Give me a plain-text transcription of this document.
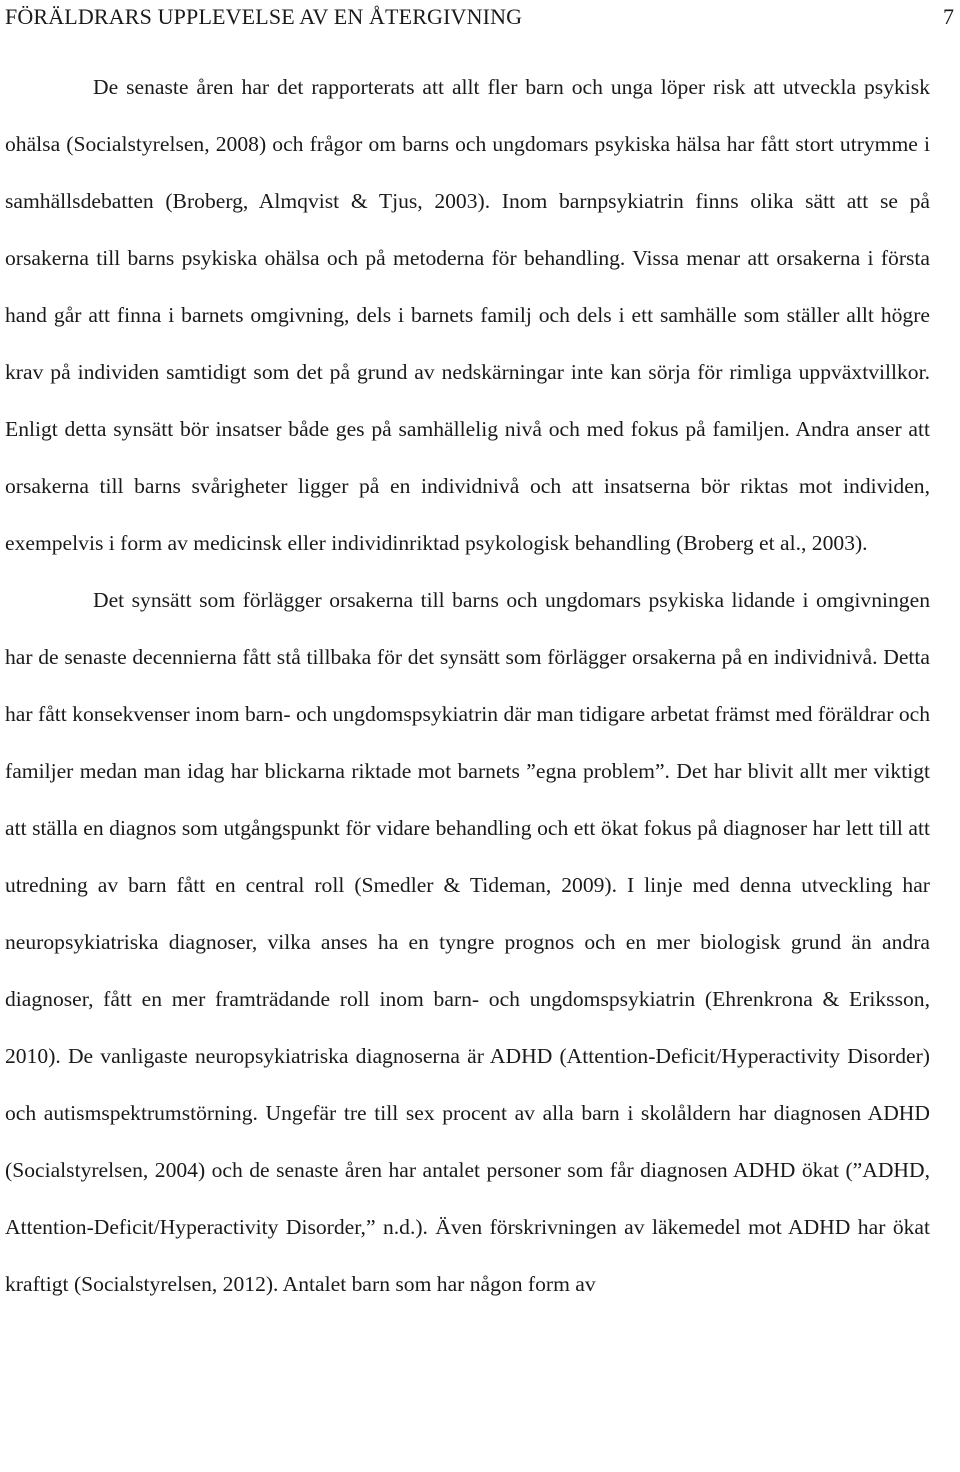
FÖRÄLDRARS UPPLEVELSE AV EN ÅTERGIVNING	7

De senaste åren har det rapporterats att allt fler barn och unga löper risk att utveckla psykisk ohälsa (Socialstyrelsen, 2008) och frågor om barns och ungdomars psykiska hälsa har fått stort utrymme i samhällsdebatten (Broberg, Almqvist & Tjus, 2003). Inom barnpsykiatrin finns olika sätt att se på orsakerna till barns psykiska ohälsa och på metoderna för behandling. Vissa menar att orsakerna i första hand går att finna i barnets omgivning, dels i barnets familj och dels i ett samhälle som ställer allt högre krav på individen samtidigt som det på grund av nedskärningar inte kan sörja för rimliga uppväxtvillkor. Enligt detta synsätt bör insatser både ges på samhällelig nivå och med fokus på familjen. Andra anser att orsakerna till barns svårigheter ligger på en individnivå och att insatserna bör riktas mot individen, exempelvis i form av medicinsk eller individinriktad psykologisk behandling (Broberg et al., 2003).

Det synsätt som förlägger orsakerna till barns och ungdomars psykiska lidande i omgivningen har de senaste decennierna fått stå tillbaka för det synsätt som förlägger orsakerna på en individnivå. Detta har fått konsekvenser inom barn- och ungdomspsykiatrin där man tidigare arbetat främst med föräldrar och familjer medan man idag har blickarna riktade mot barnets ”egna problem”. Det har blivit allt mer viktigt att ställa en diagnos som utgångspunkt för vidare behandling och ett ökat fokus på diagnoser har lett till att utredning av barn fått en central roll (Smedler & Tideman, 2009). I linje med denna utveckling har neuropsykiatriska diagnoser, vilka anses ha en tyngre prognos och en mer biologisk grund än andra diagnoser, fått en mer framträdande roll inom barn- och ungdomspsykiatrin (Ehrenkrona & Eriksson, 2010). De vanligaste neuropsykiatriska diagnoserna är ADHD (Attention-Deficit/Hyperactivity Disorder) och autismspektrumstörning. Ungefär tre till sex procent av alla barn i skolåldern har diagnosen ADHD (Socialstyrelsen, 2004) och de senaste åren har antalet personer som får diagnosen ADHD ökat (”ADHD, Attention-Deficit/Hyperactivity Disorder,” n.d.). Även förskrivningen av läkemedel mot ADHD har ökat kraftigt (Socialstyrelsen, 2012). Antalet barn som har någon form av
